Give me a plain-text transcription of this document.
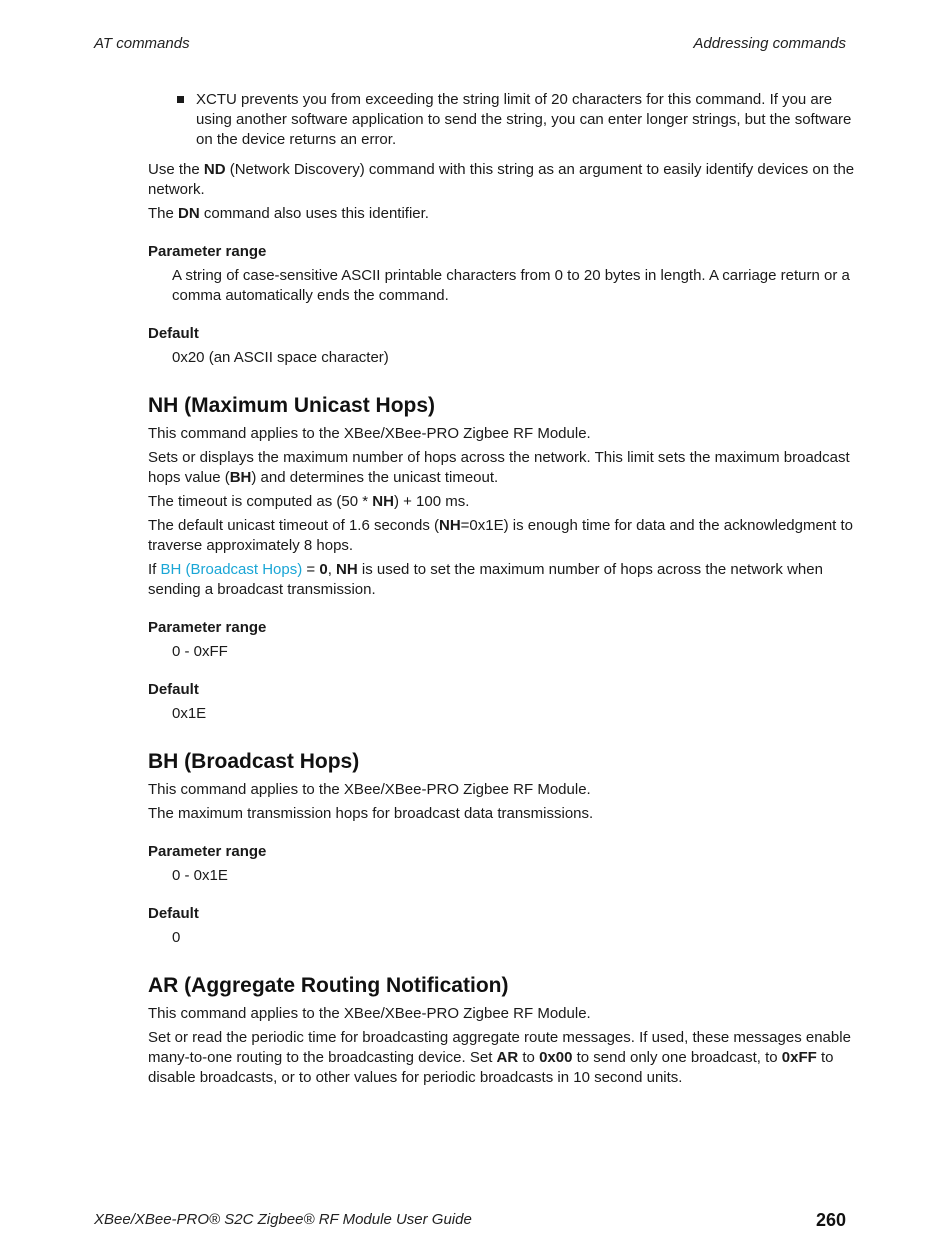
AT commands	Addressing commands
XCTU prevents you from exceeding the string limit of 20 characters for this command. If you are using another software application to send the string, you can enter longer strings, but the software on the device returns an error.

Use the ND (Network Discovery) command with this string as an argument to easily identify devices on the network.

The DN command also uses this identifier.

Parameter range
A string of case-sensitive ASCII printable characters from 0 to 20 bytes in length. A carriage return or a comma automatically ends the command.
Default
0x20 (an ASCII space character)
NH (Maximum Unicast Hops)

This command applies to the XBee/XBee-PRO Zigbee RF Module.

Sets or displays the maximum number of hops across the network. This limit sets the maximum broadcast hops value (BH) and determines the unicast timeout.

The timeout is computed as (50 * NH) + 100 ms.

The default unicast timeout of 1.6 seconds (NH=0x1E) is enough time for data and the acknowledgment to traverse approximately 8 hops.

If BH (Broadcast Hops) = 0, NH is used to set the maximum number of hops across the network when sending a broadcast transmission.

Parameter range
0 - 0xFF
Default
0x1E
BH (Broadcast Hops)

This command applies to the XBee/XBee-PRO Zigbee RF Module.

The maximum transmission hops for broadcast data transmissions.

Parameter range
0 - 0x1E
Default
0
AR (Aggregate Routing Notification)

This command applies to the XBee/XBee-PRO Zigbee RF Module.

Set or read the periodic time for broadcasting aggregate route messages. If used, these messages enable many-to-one routing to the broadcasting device. Set AR to 0x00 to send only one broadcast, to 0xFF to disable broadcasts, or to other values for periodic broadcasts in 10 second units.

XBee/XBee-PRO® S2C Zigbee® RF Module User Guide	260
